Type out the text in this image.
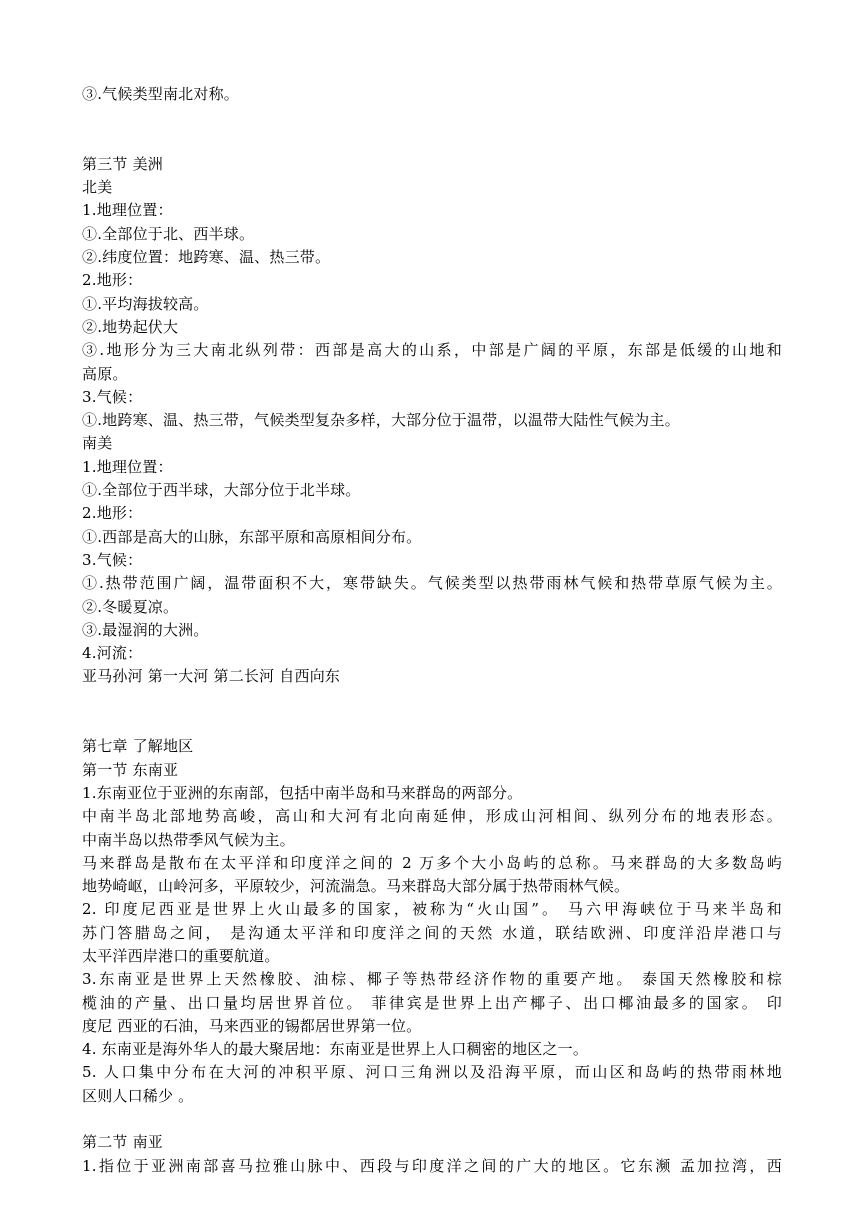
③.气候类型南北对称。
第三节 美洲
北美
1.地理位置：
①.全部位于北、西半球。
②.纬度位置：地跨寒、温、热三带。
2.地形：
①.平均海拔较高。
②.地势起伏大
③.地形分为三大南北纵列带：西部是高大的山系，中部是广阔的平原，东部是低缓的山地和
高原。
3.气候：
①.地跨寒、温、热三带，气候类型复杂多样，大部分位于温带，以温带大陆性气候为主。
南美
1.地理位置：
①.全部位于西半球，大部分位于北半球。
2.地形：
①.西部是高大的山脉，东部平原和高原相间分布。
3.气候：
①.热带范围广阔，温带面积不大，寒带缺失。气候类型以热带雨林气候和热带草原气候为主。
②.冬暖夏凉。
③.最湿润的大洲。
4.河流：
亚马孙河 第一大河 第二长河 自西向东
第七章 了解地区
第一节 东南亚
1.东南亚位于亚洲的东南部，包括中南半岛和马来群岛的两部分。
中南半岛北部地势高峻，高山和大河有北向南延伸，形成山河相间、纵列分布的地表形态。
中南半岛以热带季风气候为主。
马来群岛是散布在太平洋和印度洋之间的 2 万多个大小岛屿的总称。马来群岛的大多数岛屿
地势崎岖，山岭河多，平原较少，河流湍急。马来群岛大部分属于热带雨林气候。
2. 印度尼西亚是世界上火山最多的国家，被称为“火山国”。 马六甲海峡位于马来半岛和
苏门答腊岛之间， 是沟通太平洋和印度洋之间的天然 水道，联结欧洲、印度洋沿岸港口与
太平洋西岸港口的重要航道。
3.东南亚是世界上天然橡胶、油棕、椰子等热带经济作物的重要产地。 泰国天然橡胶和棕
榄油的产量、出口量均居世界首位。 菲律宾是世界上出产椰子、出口椰油最多的国家。 印
度尼 西亚的石油，马来西亚的锡都居世界第一位。
4. 东南亚是海外华人的最大聚居地：东南亚是世界上人口稠密的地区之一。
5. 人口集中分布在大河的冲积平原、河口三角洲以及沿海平原，而山区和岛屿的热带雨林地
区则人口稀少 。
第二节 南亚
1.指位于亚洲南部喜马拉雅山脉中、西段与印度洋之间的广大的地区。它东濒 孟加拉湾，西
